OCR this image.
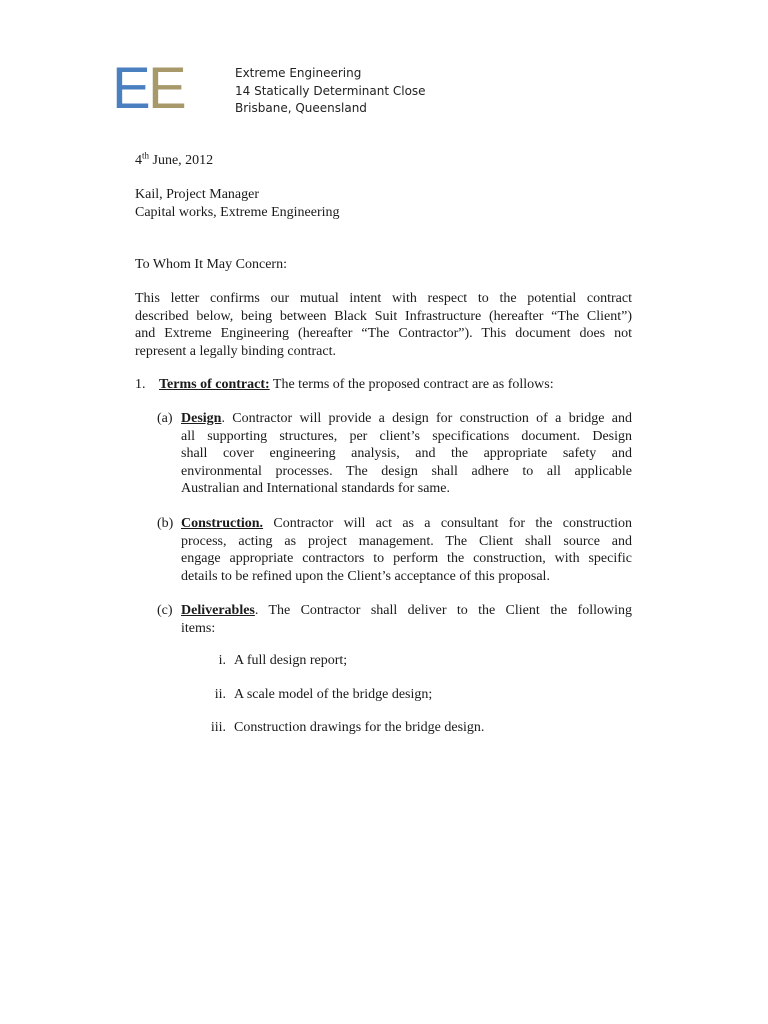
E
E	Extreme Engineering
14 Statically Determinant Close
Brisbane, Queensland
4th June, 2012
Kail, Project Manager
Capital works, Extreme Engineering
To Whom It May Concern:
This letter confirms our mutual intent with respect to the potential contract
described below, being between Black Suit Infrastructure (hereafter “The Client”)
and Extreme Engineering (hereafter “The Contractor”). This document does not
represent a legally binding contract.
1. Terms of contract: The terms of the proposed contract are as follows:
(a) Design. Contractor will provide a design for construction of a bridge and
all supporting structures, per client’s specifications document. Design
shall cover engineering analysis, and the appropriate safety and
environmental processes. The design shall adhere to all applicable
Australian and International standards for same.
(b) Construction. Contractor will act as a consultant for the construction
process, acting as project management. The Client shall source and
engage appropriate contractors to perform the construction, with specific
details to be refined upon the Client’s acceptance of this proposal.
(c) Deliverables. The Contractor shall deliver to the Client the following
items:
i. A full design report;
ii. A scale model of the bridge design;
iii. Construction drawings for the bridge design.
